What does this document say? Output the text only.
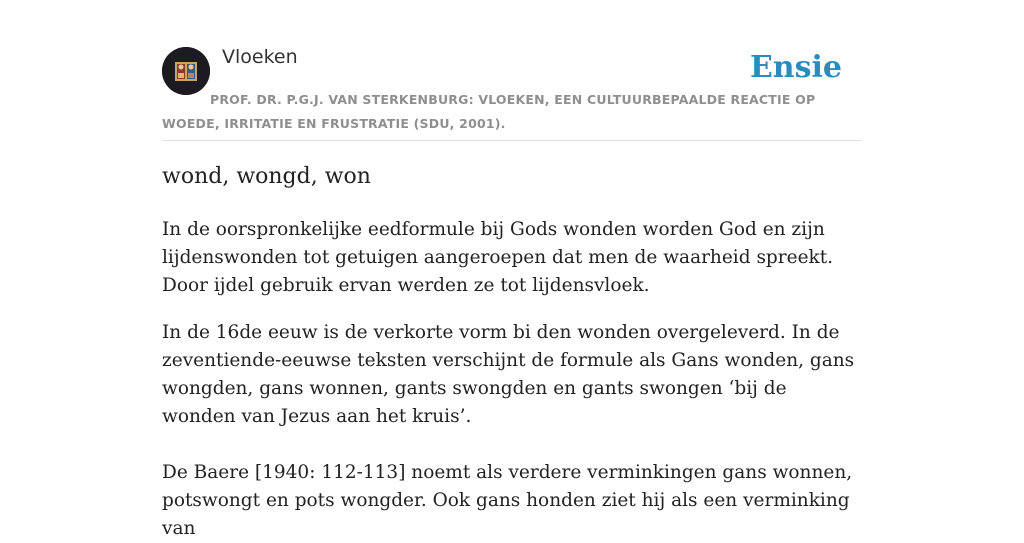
Vloeken	Ensie
PROF. DR. P.G.J. VAN STERKENBURG: VLOEKEN, EEN CULTUURBEPAALDE REACTIE OP WOEDE, IRRITATIE EN FRUSTRATIE (SDU, 2001).
wond, wongd, won

In de oorspronkelijke eedformule bij Gods wonden worden God en zijn lijdenswonden tot getuigen aangeroepen dat men de waarheid spreekt. Door ijdel gebruik ervan werden ze tot lijdensvloek.

In de 16de eeuw is de verkorte vorm bi den wonden overgeleverd. In de zeventiende-eeuwse teksten verschijnt de formule als Gans wonden, gans wongden, gans wonnen, gants swongden en gants swongen ‘bij de wonden van Jezus aan het kruis’.

De Baere [1940: 112-113] noemt als verdere verminkingen gans wonnen, potswongt en pots wongder. Ook gans honden ziet hij als een verminking van
